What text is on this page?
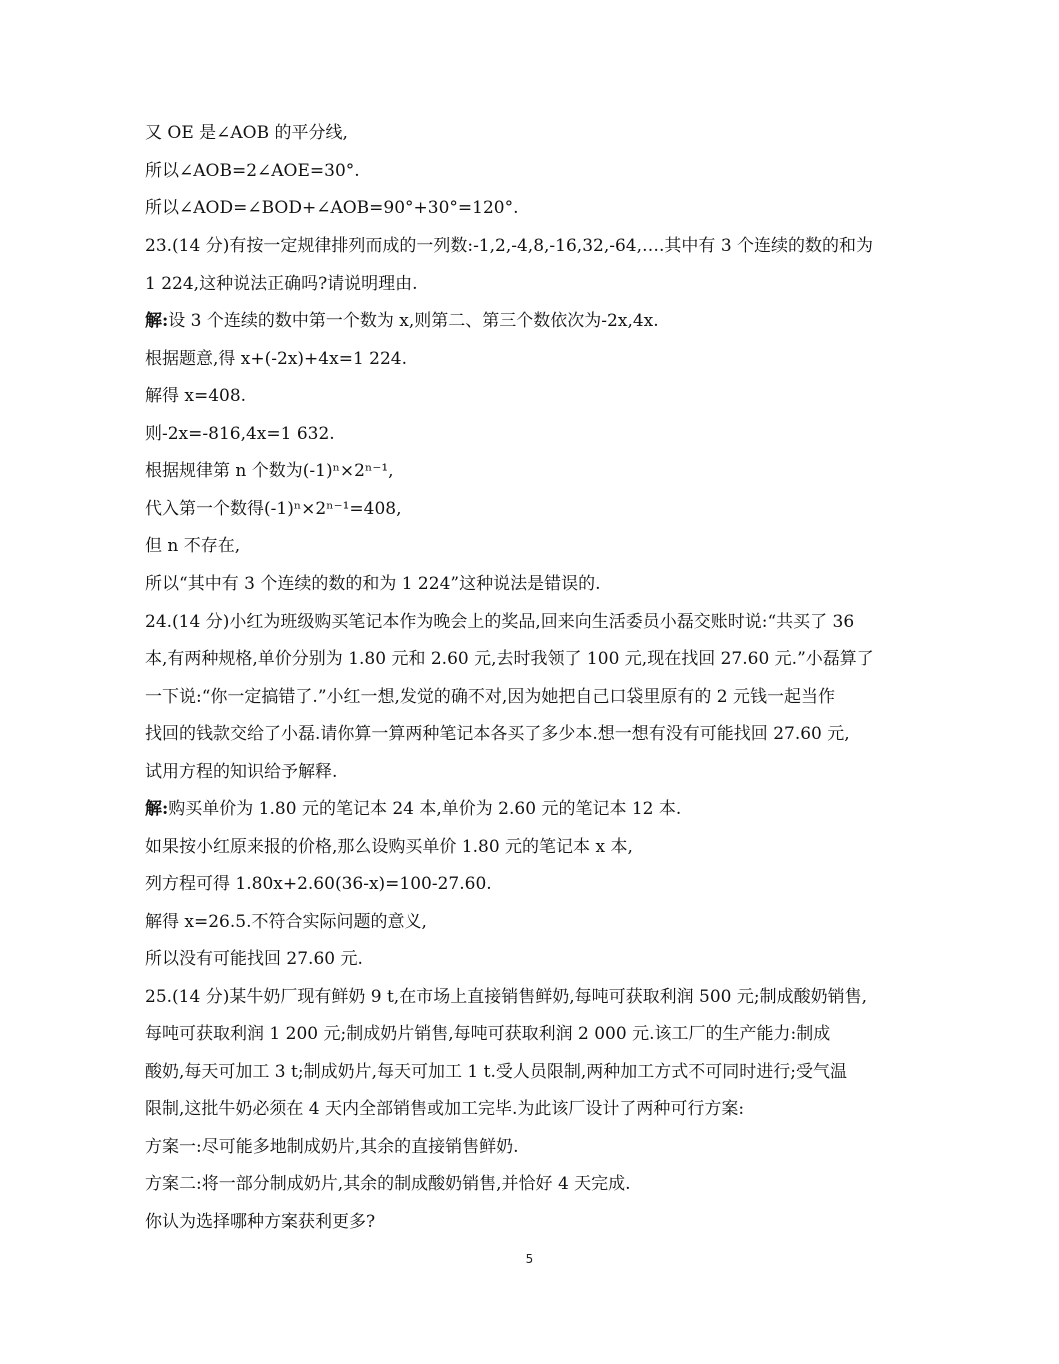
又 OE 是∠AOB 的平分线,
所以∠AOB=2∠AOE=30°.
所以∠AOD=∠BOD+∠AOB=90°+30°=120°.
23.(14 分)有按一定规律排列而成的一列数:-1,2,-4,8,-16,32,-64,….其中有 3 个连续的数的和为
1 224,这种说法正确吗?请说明理由.
解:设 3 个连续的数中第一个数为 x,则第二、第三个数依次为-2x,4x.
根据题意,得 x+(-2x)+4x=1 224.
解得 x=408.
则-2x=-816,4x=1 632.
根据规律第 n 个数为(-1)ⁿ×2ⁿ⁻¹,
代入第一个数得(-1)ⁿ×2ⁿ⁻¹=408,
但 n 不存在,
所以“其中有 3 个连续的数的和为 1 224”这种说法是错误的.
24.(14 分)小红为班级购买笔记本作为晚会上的奖品,回来向生活委员小磊交账时说:“共买了 36
本,有两种规格,单价分别为 1.80 元和 2.60 元,去时我领了 100 元,现在找回 27.60 元.”小磊算了
一下说:“你一定搞错了.”小红一想,发觉的确不对,因为她把自己口袋里原有的 2 元钱一起当作
找回的钱款交给了小磊.请你算一算两种笔记本各买了多少本.想一想有没有可能找回 27.60 元,
试用方程的知识给予解释.
解:购买单价为 1.80 元的笔记本 24 本,单价为 2.60 元的笔记本 12 本.
如果按小红原来报的价格,那么设购买单价 1.80 元的笔记本 x 本,
列方程可得 1.80x+2.60(36-x)=100-27.60.
解得 x=26.5.不符合实际问题的意义,
所以没有可能找回 27.60 元.
25.(14 分)某牛奶厂现有鲜奶 9 t,在市场上直接销售鲜奶,每吨可获取利润 500 元;制成酸奶销售,
每吨可获取利润 1 200 元;制成奶片销售,每吨可获取利润 2 000 元.该工厂的生产能力:制成
酸奶,每天可加工 3 t;制成奶片,每天可加工 1 t.受人员限制,两种加工方式不可同时进行;受气温
限制,这批牛奶必须在 4 天内全部销售或加工完毕.为此该厂设计了两种可行方案:
方案一:尽可能多地制成奶片,其余的直接销售鲜奶.
方案二:将一部分制成奶片,其余的制成酸奶销售,并恰好 4 天完成.
你认为选择哪种方案获利更多?
5
